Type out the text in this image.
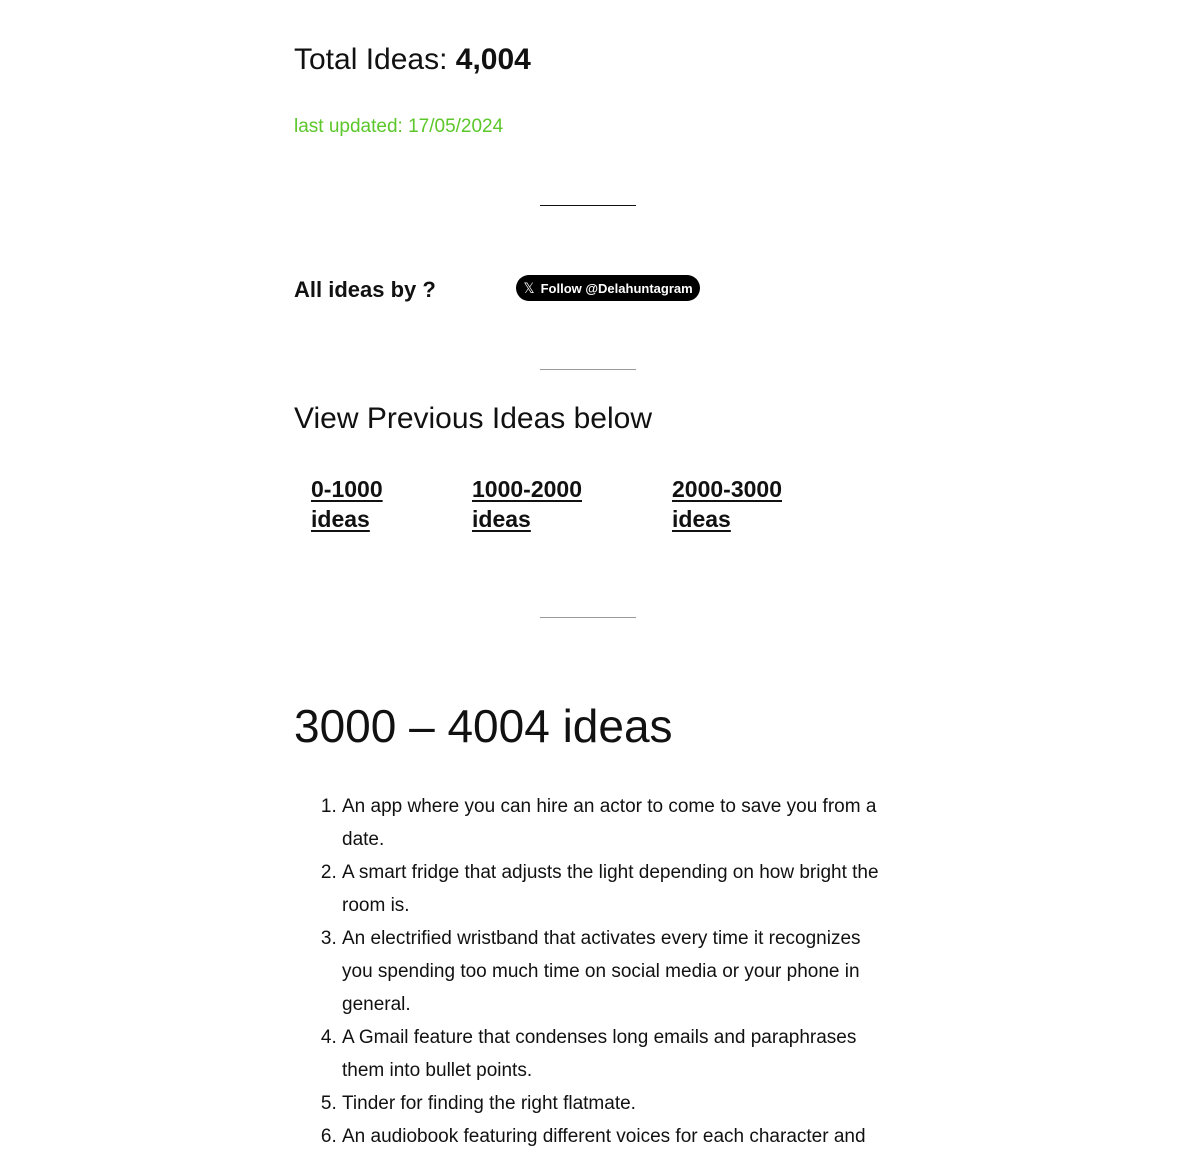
Total Ideas: 4,004
last updated: 17/05/2024
All ideas by ?	𝕏 Follow @Delahuntagram
View Previous Ideas below
0-1000
ideas
1000-2000
ideas
2000-3000
ideas
3000 – 4004 ideas
1. An app where you can hire an actor to come to save you from a date.
2. A smart fridge that adjusts the light depending on how bright the room is.
3. An electrified wristband that activates every time it recognizes you spending too much time on social media or your phone in general.
4. A Gmail feature that condenses long emails and paraphrases them into bullet points.
5. Tinder for finding the right flatmate.
6. An audiobook featuring different voices for each character and
